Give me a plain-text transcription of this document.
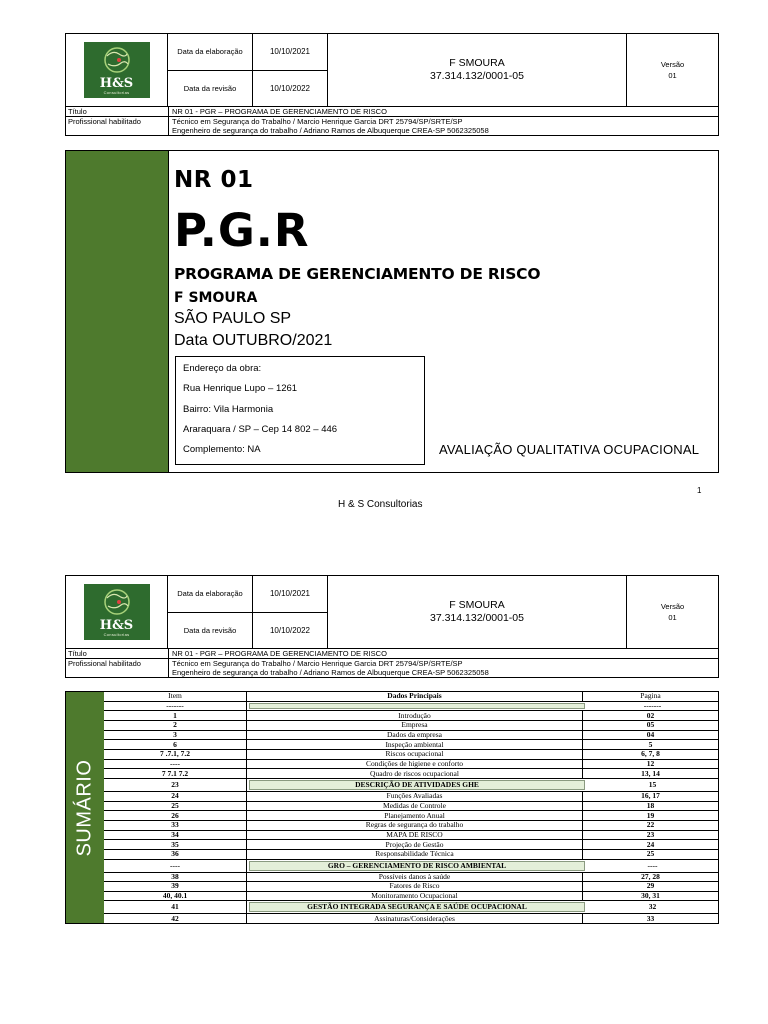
H&S
Consultorias
Data da elaboração	10/10/2021
Data da revisão	10/10/2022
F SMOURA
37.314.132/0001-05
Versão
01
Título	NR 01 - PGR – PROGRAMA DE GERENCIAMENTO DE RISCO
Profissional habilitado	Técnico em Segurança do Trabalho / Marcio Henrique Garcia DRT 25794/SP/SRTE/SP
Engenheiro de segurança do trabalho / Adriano Ramos de Albuquerque CREA-SP 5062325058
NR 01
P.G.R
PROGRAMA DE GERENCIAMENTO DE RISCO
F SMOURA
SÃO PAULO SP
Data OUTUBRO/2021
Endereço da obra:
Rua Henrique Lupo – 1261
Bairro: Vila Harmonia
Araraquara / SP – Cep 14 802 – 446
Complemento: NA	AVALIAÇÃO QUALITATIVA OCUPACIONAL
1
H & S Consultorias
H&S
Consultorias
Data da elaboração	10/10/2021
Data da revisão	10/10/2022
F SMOURA
37.314.132/0001-05
Versão
01
Título	NR 01 - PGR – PROGRAMA DE GERENCIAMENTO DE RISCO
Profissional habilitado	Técnico em Segurança do Trabalho / Marcio Henrique Garcia DRT 25794/SP/SRTE/SP
Engenheiro de segurança do trabalho / Adriano Ramos de Albuquerque CREA-SP 5062325058
SUMÁRIO
Item	Dados Principais	Pagina
-------	-------
1	Introdução	02
2	Empresa	05
3	Dados da empresa	04
6	Inspeção ambiental	5
7 .7.1, 7.2	Riscos ocupacional	6, 7, 8
----	Condições de higiene e conforto	12
7 7.1 7.2	Quadro de riscos ocupacional	13, 14
23	DESCRIÇÃO DE ATIVIDADES GHE	15
24	Funções Avaliadas	16, 17
25	Medidas de Controle	18
26	Planejamento Anual	19
33	Regras de segurança do trabalho	22
34	MAPA DE RISCO	23
35	Projeção de Gestão	24
36	Responsabilidade Técnica	25
----	GRO – GERENCIAMENTO DE RISCO AMBIENTAL	----
38	Possíveis danos à saúde	27, 28
39	Fatores de Risco	29
40, 40.1	Monitoramento Ocupacional	30, 31
41	GESTÃO INTEGRADA SEGURANÇA E SAÚDE OCUPACIONAL	32
42	Assinaturas/Considerações	33
